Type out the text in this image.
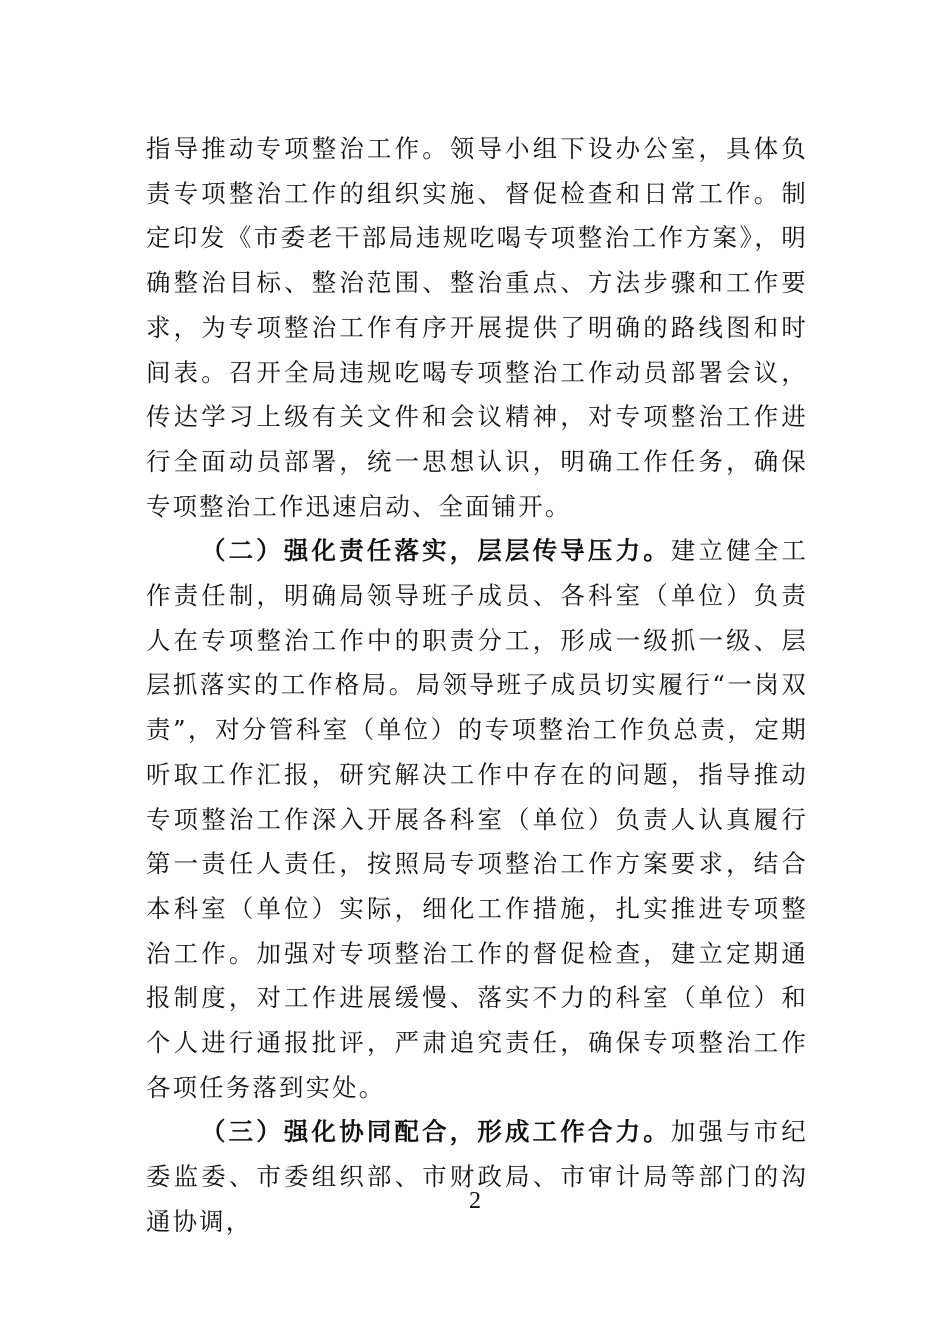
指导推动专项整治工作。领导小组下设办公室，具体负责专项整治工作的组织实施、督促检查和日常工作。制定印发《市委老干部局违规吃喝专项整治工作方案》，明确整治目标、整治范围、整治重点、方法步骤和工作要求，为专项整治工作有序开展提供了明确的路线图和时间表。召开全局违规吃喝专项整治工作动员部署会议，传达学习上级有关文件和会议精神，对专项整治工作进行全面动员部署，统一思想认识，明确工作任务，确保专项整治工作迅速启动、全面铺开。

（二）强化责任落实，层层传导压力。建立健全工作责任制，明确局领导班子成员、各科室（单位）负责人在专项整治工作中的职责分工，形成一级抓一级、层层抓落实的工作格局。局领导班子成员切实履行“一岗双责”，对分管科室（单位）的专项整治工作负总责，定期听取工作汇报，研究解决工作中存在的问题，指导推动专项整治工作深入开展各科室（单位）负责人认真履行第一责任人责任，按照局专项整治工作方案要求，结合本科室（单位）实际，细化工作措施，扎实推进专项整治工作。加强对专项整治工作的督促检查，建立定期通报制度，对工作进展缓慢、落实不力的科室（单位）和个人进行通报批评，严肃追究责任，确保专项整治工作各项任务落到实处。

（三）强化协同配合，形成工作合力。加强与市纪委监委、市委组织部、市财政局、市审计局等部门的沟通协调，

2
